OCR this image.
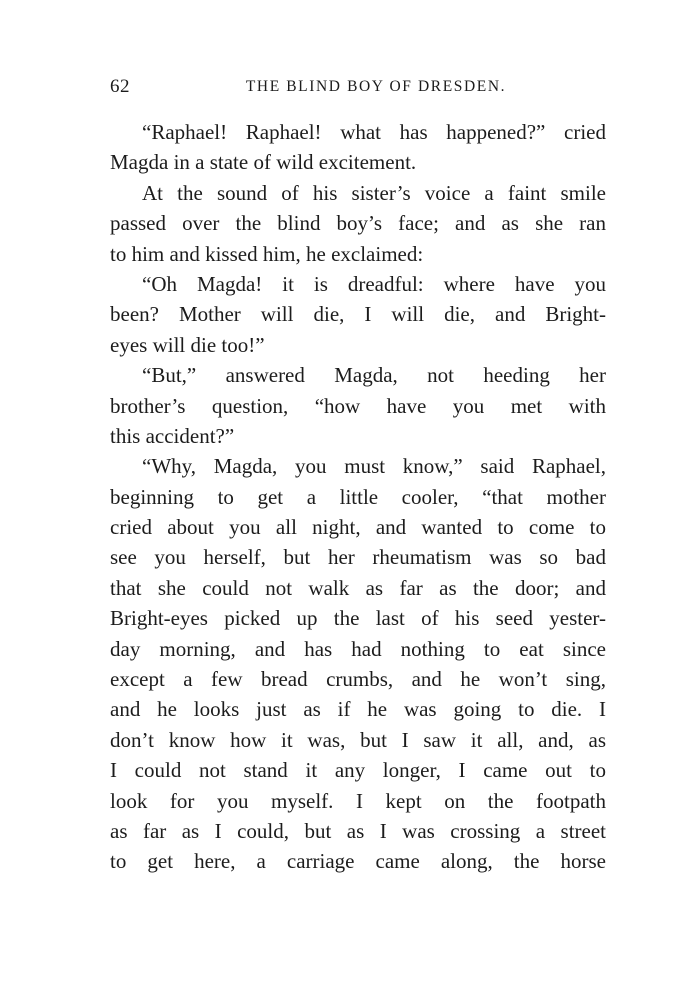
62	THE BLIND BOY OF DRESDEN.
“Raphael! Raphael! what has happened?” cried
Magda in a state of wild excitement.
At the sound of his sister’s voice a faint smile
passed over the blind boy’s face; and as she ran
to him and kissed him, he exclaimed:
“Oh Magda! it is dreadful: where have you
been? Mother will die, I will die, and Bright-
eyes will die too!”
“But,” answered Magda, not heeding her
brother’s question, “how have you met with
this accident?”
“Why, Magda, you must know,” said Raphael,
beginning to get a little cooler, “that mother
cried about you all night, and wanted to come to
see you herself, but her rheumatism was so bad
that she could not walk as far as the door; and
Bright-eyes picked up the last of his seed yester-
day morning, and has had nothing to eat since
except a few bread crumbs, and he won’t sing,
and he looks just as if he was going to die. I
don’t know how it was, but I saw it all, and, as
I could not stand it any longer, I came out to
look for you myself. I kept on the footpath
as far as I could, but as I was crossing a street
to get here, a carriage came along, the horse
